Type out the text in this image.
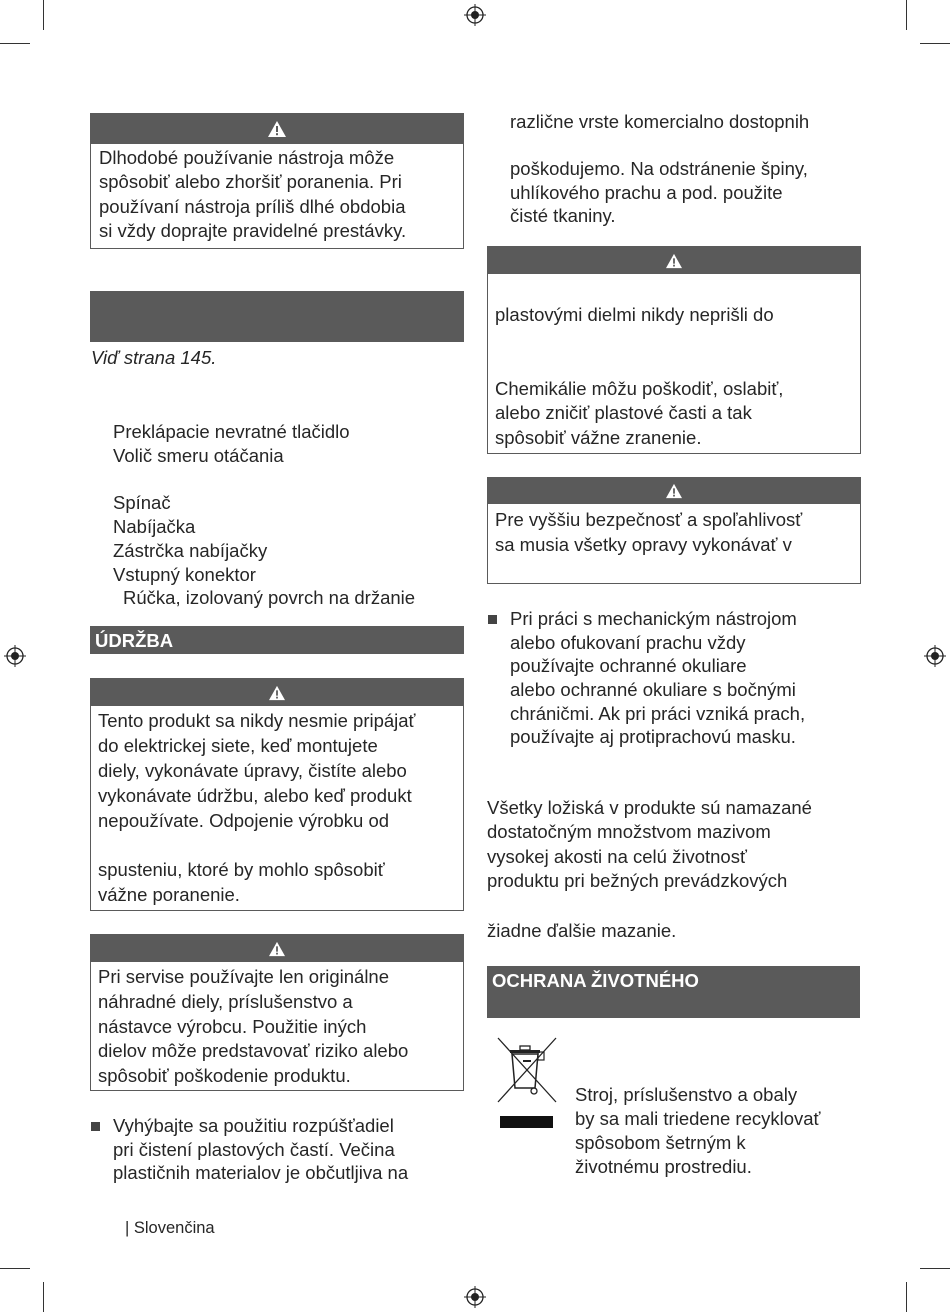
Dlhodobé používanie nástroja môže
spôsobiť alebo zhoršiť poranenia. Pri
používaní nástroja príliš dlhé obdobia
si vždy doprajte pravidelné prestávky.
Viď strana 145.
Preklápacie nevratné tlačidlo
Volič smeru otáčania
Spínač
Nabíjačka
Zástrčka nabíjačky
Vstupný konektor
Rúčka, izolovaný povrch na držanie
ÚDRŽBA
Tento produkt sa nikdy nesmie pripájať
do elektrickej siete, keď montujete
diely, vykonávate úpravy, čistíte alebo
vykonávate údržbu, alebo keď produkt
nepoužívate. Odpojenie výrobku od
spusteniu, ktoré by mohlo spôsobiť
vážne poranenie.
Pri servise používajte len originálne
náhradné diely, príslušenstvo a
nástavce výrobcu. Použitie iných
dielov môže predstavovať riziko alebo
spôsobiť poškodenie produktu.
Vyhýbajte sa použitiu rozpúšťadiel
pri čistení plastových častí. Večina
plastičnih materialov je občutljiva na
| Slovenčina
različne vrste komercialno dostopnih
poškodujemo. Na odstránenie špiny,
uhlíkového prachu a pod. použite
čisté tkaniny.
plastovými dielmi nikdy neprišli do
Chemikálie môžu poškodiť, oslabiť,
alebo zničiť plastové časti a tak
spôsobiť vážne zranenie.
Pre vyššiu bezpečnosť a spoľahlivosť
sa musia všetky opravy vykonávať v
Pri práci s mechanickým nástrojom
alebo ofukovaní prachu vždy
používajte ochranné okuliare
alebo ochranné okuliare s bočnými
chráničmi. Ak pri práci vzniká prach,
používajte aj protiprachovú masku.
Všetky ložiská v produkte sú namazané
dostatočným množstvom mazivom
vysokej akosti na celú životnosť
produktu pri bežných prevádzkových
žiadne ďalšie mazanie.
OCHRANA ŽIVOTNÉHO
Stroj, príslušenstvo a obaly
by sa mali triedene recyklovať
spôsobom šetrným k
životnému prostrediu.
